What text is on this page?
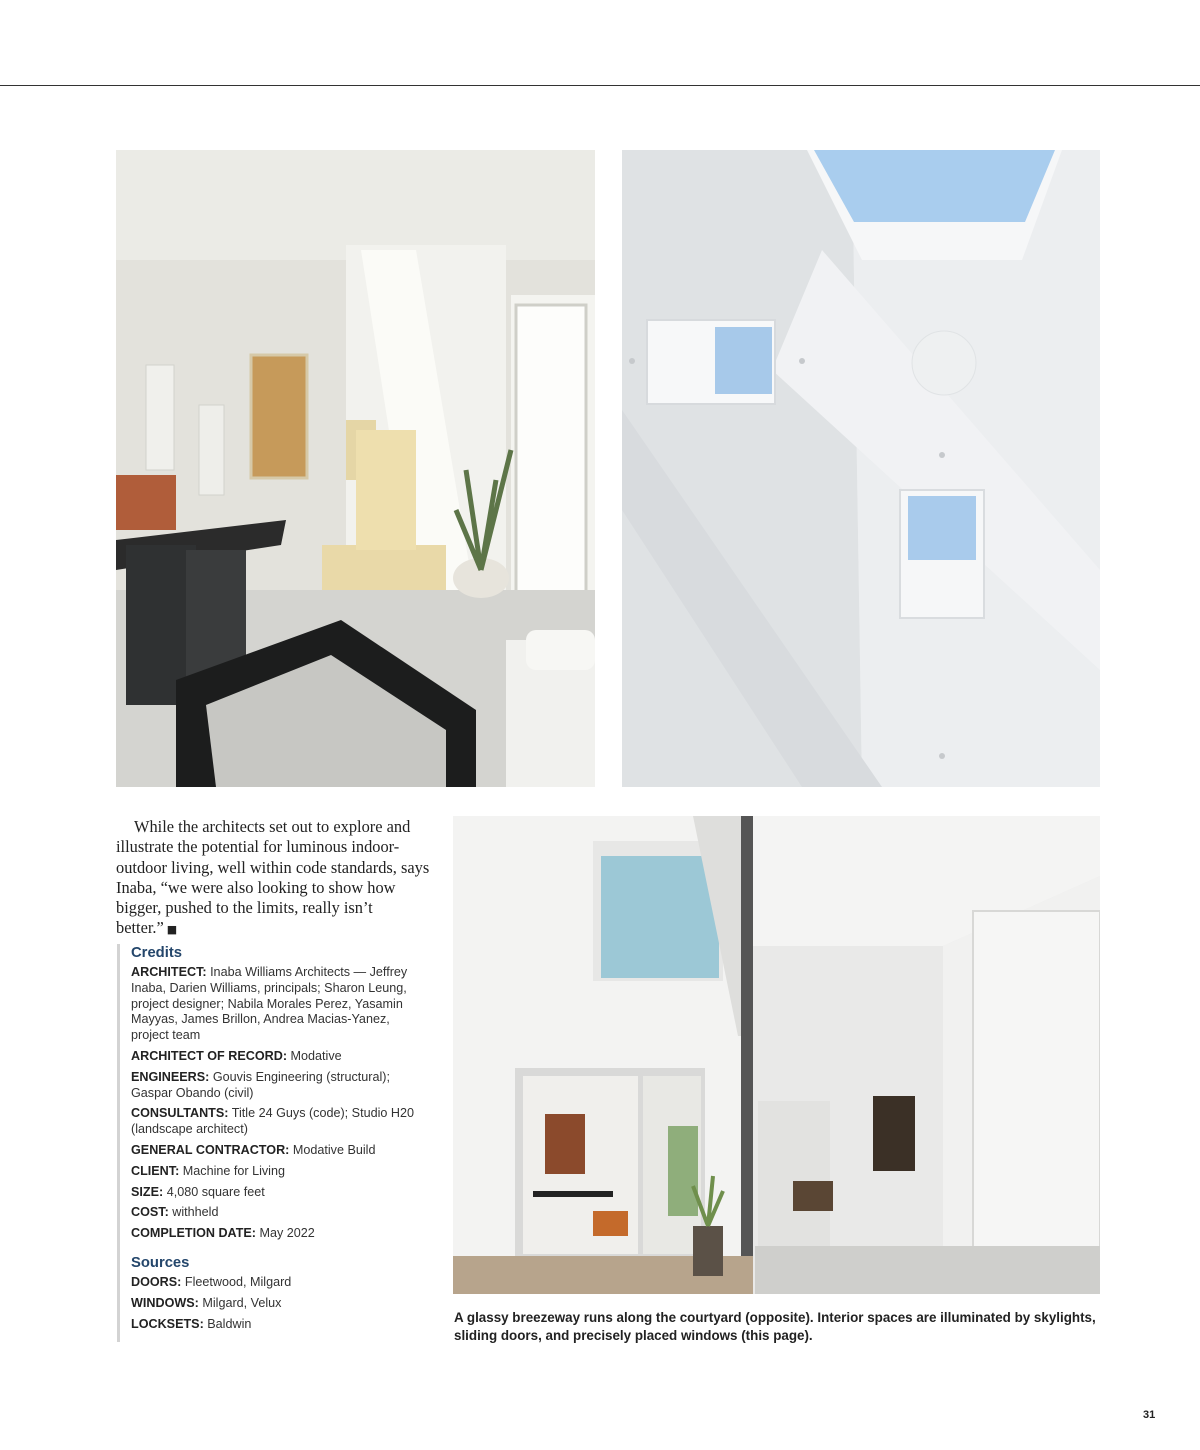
While the architects set out to explore and illustrate the potential for luminous indoor-outdoor living, well within code standards, says Inaba, “we were also looking to show how bigger, pushed to the limits, really isn’t better.” ■

Credits

ARCHITECT: Inaba Williams Architects — Jeffrey Inaba, Darien Williams, principals; Sharon Leung, project designer; Nabila Morales Perez, Yasamin Mayyas, James Brillon, Andrea Macias-Yanez, project team

ARCHITECT OF RECORD: Modative

ENGINEERS: Gouvis Engineering (structural); Gaspar Obando (civil)

CONSULTANTS: Title 24 Guys (code); Studio H20 (landscape architect)

GENERAL CONTRACTOR: Modative Build

CLIENT: Machine for Living

SIZE: 4,080 square feet

COST: withheld

COMPLETION DATE: May 2022

Sources

DOORS: Fleetwood, Milgard

WINDOWS: Milgard, Velux

LOCKSETS: Baldwin	A glassy breezeway runs along the courtyard (opposite). Interior spaces are illuminated by skylights, sliding doors, and precisely placed windows (this page).

31
